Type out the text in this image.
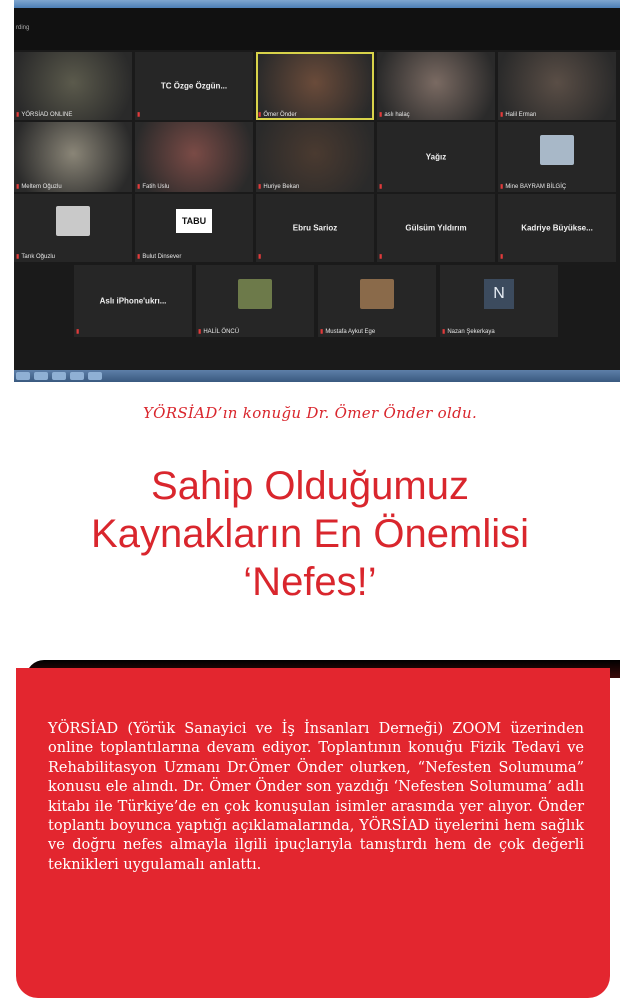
rding
▮ YÖRSİAD ONLINE
TC Özge Özgün...
▮	▮ Ömer Önder	▮ aslı halaç	▮ Halil Erman
▮ Meltem Oğuzlu	▮ Fatih Uslu	▮ Huriye Bekan
Yağız
▮	▮ Mine BAYRAM BİLGİÇ
▮ Tarık Oğuzlu
TABU
▮ Bulut Dinsever
Ebru Sarioz
▮
Gülsüm Yıldırım
▮
Kadriye Büyükse...
▮
Aslı iPhone'ukrı...
▮	▮ HALİL ÖNCÜ	▮ Mustafa Aykut Ege
N
▮ Nazan Şekerkaya
YÖRSİAD’ın konuğu Dr. Ömer Önder oldu.
Sahip Olduğumuz
Kaynakların En Önemlisi
‘Nefes!’

YÖRSİAD (Yörük Sanayici ve İş İnsanları Derneği) ZOOM üzerinden online toplantılarına devam ediyor. Toplantının konuğu Fizik Tedavi ve Rehabilitasyon Uzmanı Dr.Ömer Önder olurken, “Nefesten Solumuma” konusu ele alındı. Dr. Ömer Önder son yazdığı ‘Nefesten Solumuma’ adlı kitabı ile Türkiye’de en çok konuşulan isimler arasında yer alıyor. Önder toplantı boyunca yaptığı açıklamalarında, YÖRSİAD üyelerini hem sağlık ve doğru nefes almayla ilgili ipuçlarıyla tanıştırdı hem de çok değerli teknikleri uygulamalı anlattı.
